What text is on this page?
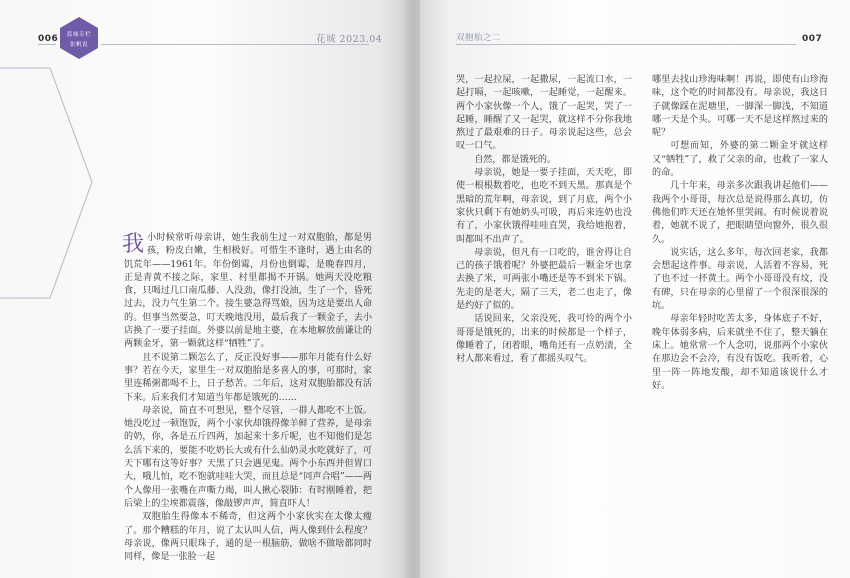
006	蓝城专栏
张帆说	花城 2023.04

我小时候常听母亲讲，她生我前生过一对双胞胎，都是男孩，粉皮白嫩，生相极好。可惜生不逢时，遇上由名的饥荒年——1961年。年份倒霉，月份也倒霉，是晚春四月，正是青黄不接之际，家里、村里都揭不开锅。她两天没吃粮食，只喝过几口南瓜藤、人没劲，像打没油，生了一个，昏死过去，没力气生第二个。接生婆急得骂娘，因为这是要出人命的。但事当然要急，叮天晚地没用，最后我了一颗金子，去小店换了一要子挂面。外婆以前是地主婆，在本地解放前谦让的两颗金牙，第一颗就这样“牺牲”了。

且不说第二颗怎么了，反正没好事——那年月能有什么好事？若在今天，家里生一对双胞胎是多喜人的事，可那时，家里连稀粥都喝不上，日子愁苦。二年后，这对双胞胎都没有活下来。后来我们才知道当年都是饿死的……

母亲说，简直不可想见，整个尽管，一群人都吃不上饭。她没吃过一顿饱饭，两个小家伙却饿得像羊鲜了营养，是母亲的奶，你，各是五斤四两，加起来十多斤呢，也不知他们是怎么活下来的，要能不吃奶长大或有什么仙奶灵水吃就好了，可天下哪有这等好事？天黑了只会遇见鬼。两个小东西并但胃口大，哦儿怕，吃不饱就哇哇大哭，而且总是“同声合唱”——两个人像用一张嘴在声嘶力竭，叫人揪心裂肺：有时刚睡着，把后梁上的尘埃都震落，像敲锣声声，简直吓人！

双胞胎生得像本不稀奇，但这两个小家伙实在太像太瘦了。那个糟糕的年月，说了太认叫人信，两人像到什么程度？母亲说，像两只眼珠子，通的是一根脑筋，做啥不做啥都同时同样，像是一张脸一起

双胞胎之二	007

哭，一起拉屎，一起撒尿，一起流口水，一起打嗝，一起咳嗽，一起睡觉，一起醒来。两个小家伙像一个人，饿了一起哭，哭了一起睡，睡醒了又一起哭，就这样不分你我地熬过了最艰难的日子。母亲说起这些，总会叹一口气。

自然，都是饿死的。

母亲说，她是一要子挂面，天天吃，即使一根根数着吃，也吃不到天黑。那真是个黑暗的荒年啊，母亲说，到了月底，两个小家伙只剩下有她奶头可吸，再后来连奶也没有了，小家伙饿得哇哇直哭，我给她抱着，叫都叫不出声了。

母亲说，但凡有一口吃的，谁舍得让自己的孩子饿着呢？外婆把最后一颗金牙也拿去换了米，可两张小嘴还是等不到米下锅。先走的是老大，隔了三天，老二也走了，像是约好了似的。

话说回来，父亲没死，我可怜的两个小哥哥是饿死的，出来的时候都是一个样子，像睡着了，闭着眼，嘴角还有一点奶渍，全村人都来看过，看了都摇头叹气。

哪里去找山珍海味啊！再说，即使有山珍海味，这个吃的时间都没有。母亲说，我这日子就像踩在泥塘里，一脚深一脚浅，不知道哪一天是个头。可哪一天不是这样熬过来的呢？

可想而知，外婆的第二颗金牙就这样又“牺牲”了，救了父亲的命，也救了一家人的命。

几十年来，母亲多次跟我讲起他们——我两个小哥哥，每次总是说得那么真切，仿佛他们昨天还在她怀里哭闹。有时候说着说着，她就不说了，把眼睛望向窗外，很久很久。

说实话，这么多年，每次回老家，我都会想起这件事。母亲说，人活着不容易，死了也不过一抔黄土。两个小哥哥没有坟，没有碑，只在母亲的心里留了一个很深很深的坑。

母亲年轻时吃苦太多，身体底子不好，晚年体弱多病，后来就坐不住了，整天躺在床上。她常常一个人念叨，说那两个小家伙在那边会不会冷，有没有饭吃。我听着，心里一阵一阵地发酸，却不知道该说什么才好。
